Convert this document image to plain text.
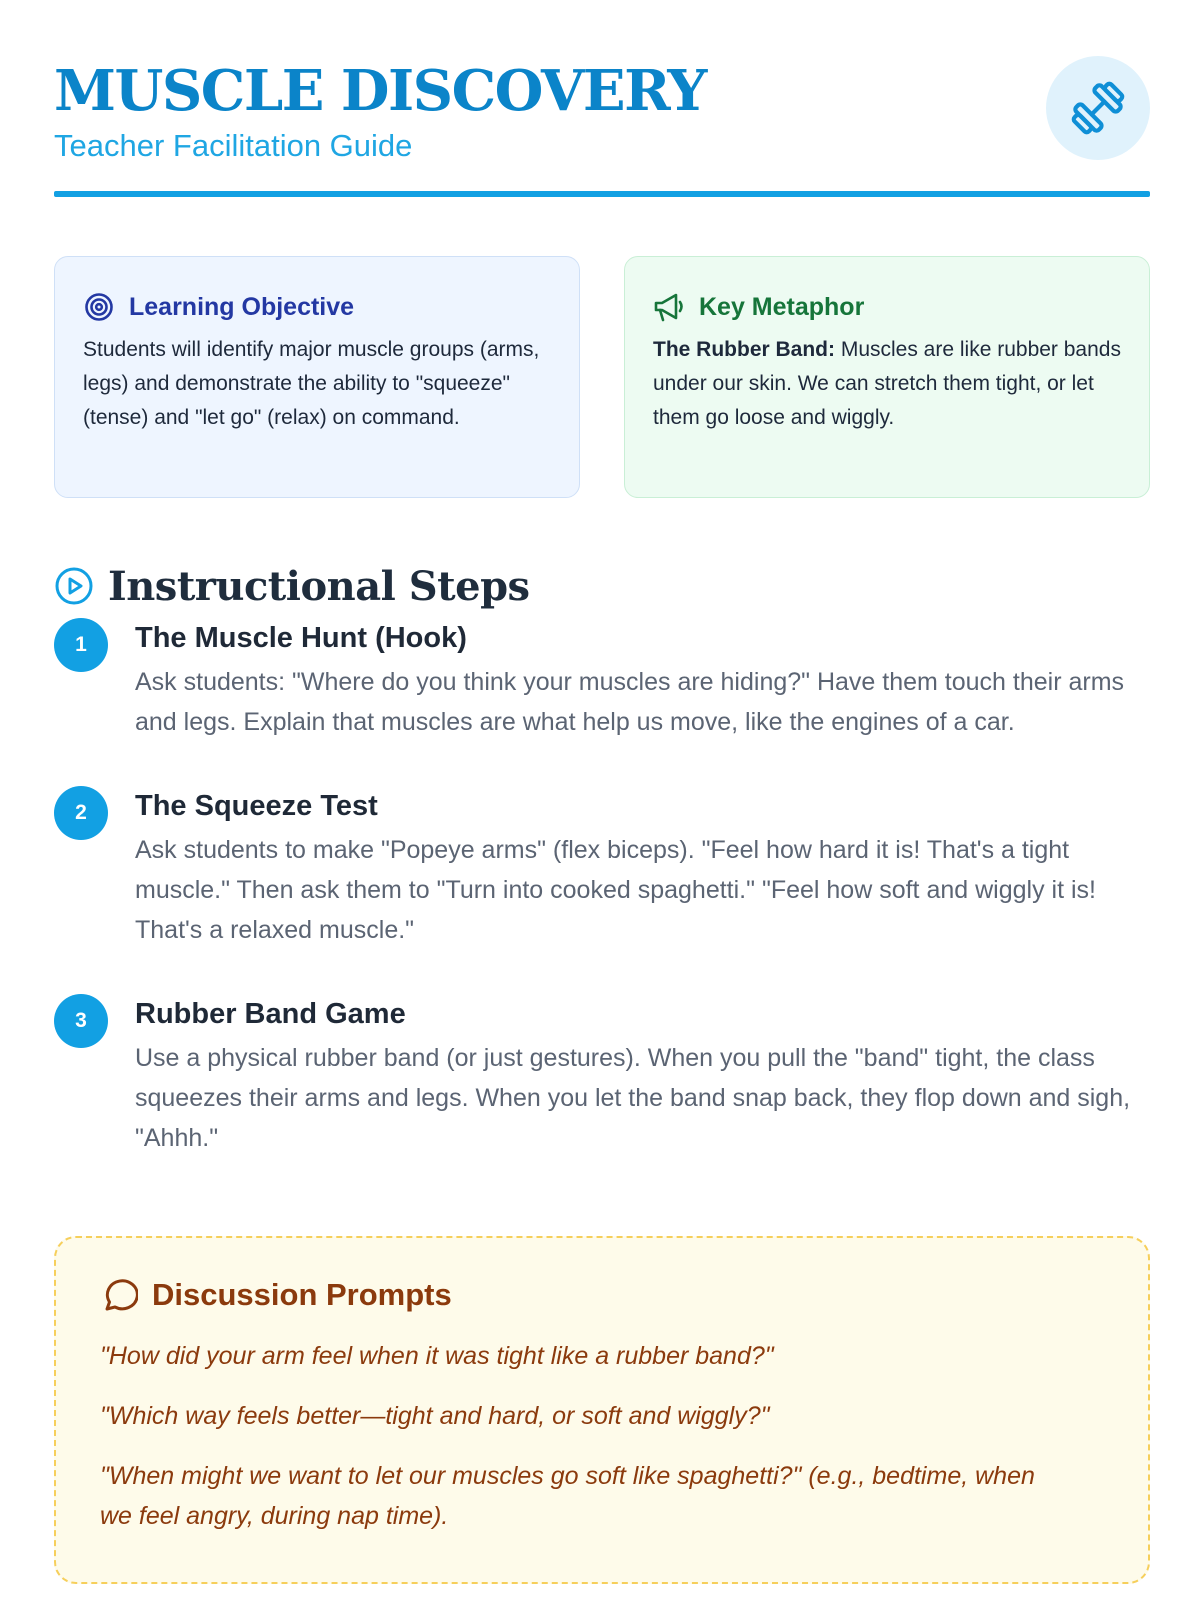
MUSCLE DISCOVERY
Teacher Facilitation Guide
Learning Objective
Students will identify major muscle groups (arms, legs) and demonstrate the ability to "squeeze" (tense) and "let go" (relax) on command.
Key Metaphor
The Rubber Band: Muscles are like rubber bands under our skin. We can stretch them tight, or let them go loose and wiggly.
Instructional Steps
1	The Muscle Hunt (Hook)
Ask students: "Where do you think your muscles are hiding?" Have them touch their arms and legs. Explain that muscles are what help us move, like the engines of a car.
2	The Squeeze Test
Ask students to make "Popeye arms" (flex biceps). "Feel how hard it is! That's a tight muscle." Then ask them to "Turn into cooked spaghetti." "Feel how soft and wiggly it is! That's a relaxed muscle."
3	Rubber Band Game
Use a physical rubber band (or just gestures). When you pull the "band" tight, the class squeezes their arms and legs. When you let the band snap back, they flop down and sigh, "Ahhh."
Discussion Prompts
"How did your arm feel when it was tight like a rubber band?"
"Which way feels better—tight and hard, or soft and wiggly?"
"When might we want to let our muscles go soft like spaghetti?" (e.g., bedtime, when we feel angry, during nap time).
